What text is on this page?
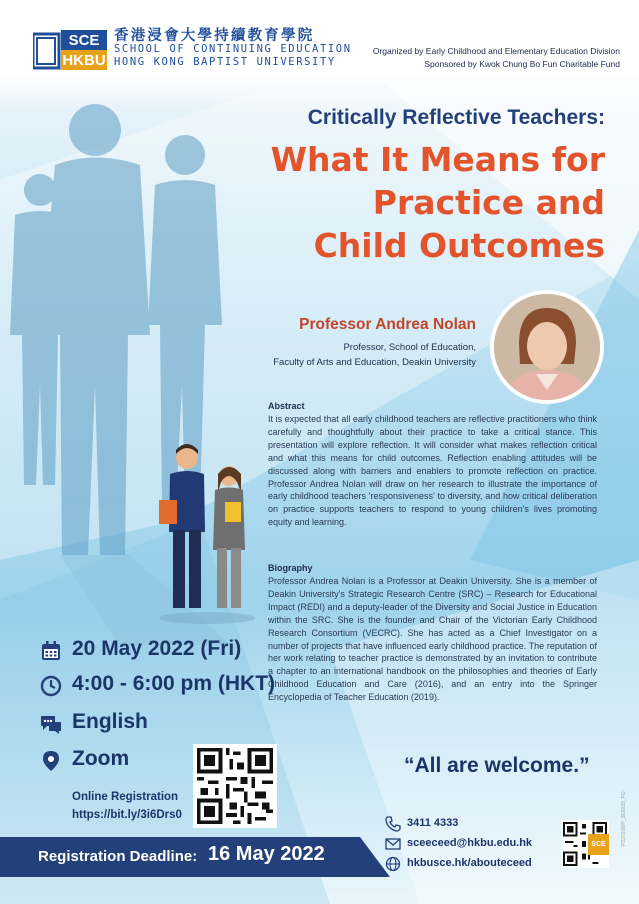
SCE
HKBU
香港浸會大學持續教育學院
SCHOOL OF CONTINUING EDUCATION
HONG KONG BAPTIST UNIVERSITY
Organized by Early Childhood and Elementary Education Division
Sponsored by Kwok Chung Bo Fun Charitable Fund
Critically Reflective Teachers:
What It Means for
Practice and
Child Outcomes
Professor Andrea Nolan
Professor, School of Education,
Faculty of Arts and Education, Deakin University
Abstract
It is expected that all early childhood teachers are reflective practitioners who think carefully and thoughtfully about their practice to take a critical stance. This presentation will explore reflection. It will consider what makes reflection critical and what this means for child outcomes. Reflection enabling attitudes will be discussed along with barriers and enablers to promote reflection on practice. Professor Andrea Nolan will draw on her research to illustrate the importance of early childhood teachers 'responsiveness' to diversity, and how critical deliberation on practice supports teachers to respond to young children's lives promoting equity and learning.
Biography
Professor Andrea Nolan is a Professor at Deakin University. She is a member of Deakin University's Strategic Research Centre (SRC) – Research for Educational Impact (REDI) and a deputy-leader of the Diversity and Social Justice in Education within the SRC. She is the founder and Chair of the Victorian Early Childhood Research Consortium (VECRC). She has acted as a Chief Investigator on a number of projects that have influenced early childhood practice. The reputation of her work relating to teacher practice is demonstrated by an invitation to contribute a chapter to an international handbook on the philosophies and theories of Early Childhood Education and Care (2016), and an entry into the Springer Encyclopedia of Teacher Education (2019).
20 May 2022 (Fri)
4:00 - 6:00 pm (HKT)
English
Zoom
Online Registration
https://bit.ly/3i6Drs0
“All are welcome.”
Registration Deadline: 16 May 2022
3411 4333
sceeceed@hkbu.edu.hk
hkbusce.hk/abouteceed
SCE	P220308/P_3E6833_PG
